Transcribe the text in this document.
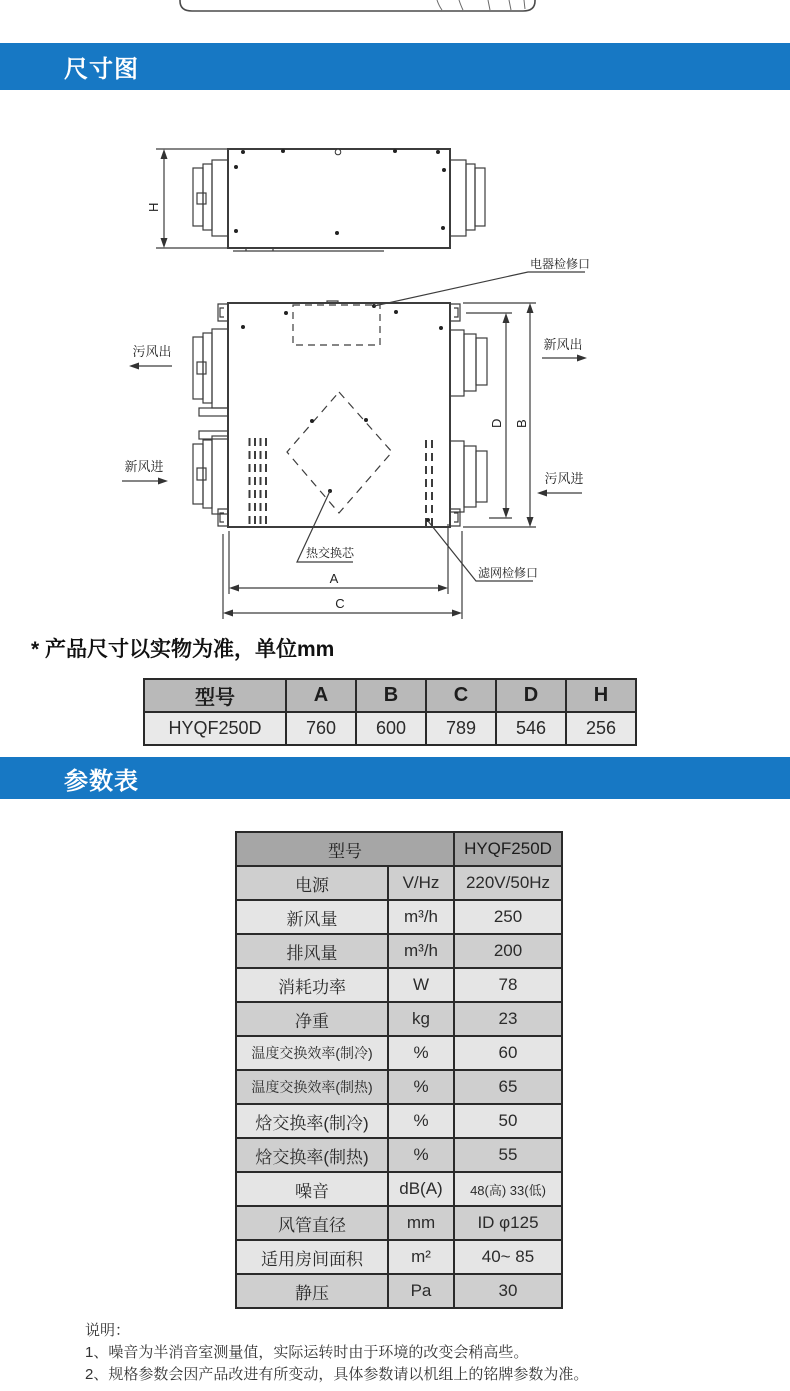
尺寸图
H
D B
A
C
污风出
新风进
新风出
污风进
电器检修口
热交换芯
滤网检修口
* 产品尺寸以实物为准，单位mm
型号	A	B	C	D	H
HYQF250D	760	600	789	546	256
参数表
型号		HYQF250D
电源	V/Hz	220V/50Hz
新风量	m³/h	250
排风量	m³/h	200
消耗功率	W	78
净重	kg	23
温度交换效率(制冷)	%	60
温度交换效率(制热)	%	65
焓交换率(制冷)	%	50
焓交换率(制热)	%	55
噪音	dB(A)	48(高) 33(低)
风管直径	mm	ID φ125
适用房间面积	m²	40~ 85
静压	Pa	30
说明：
1、噪音为半消音室测量值，实际运转时由于环境的改变会稍高些。
2、规格参数会因产品改进有所变动，具体参数请以机组上的铭牌参数为准。
